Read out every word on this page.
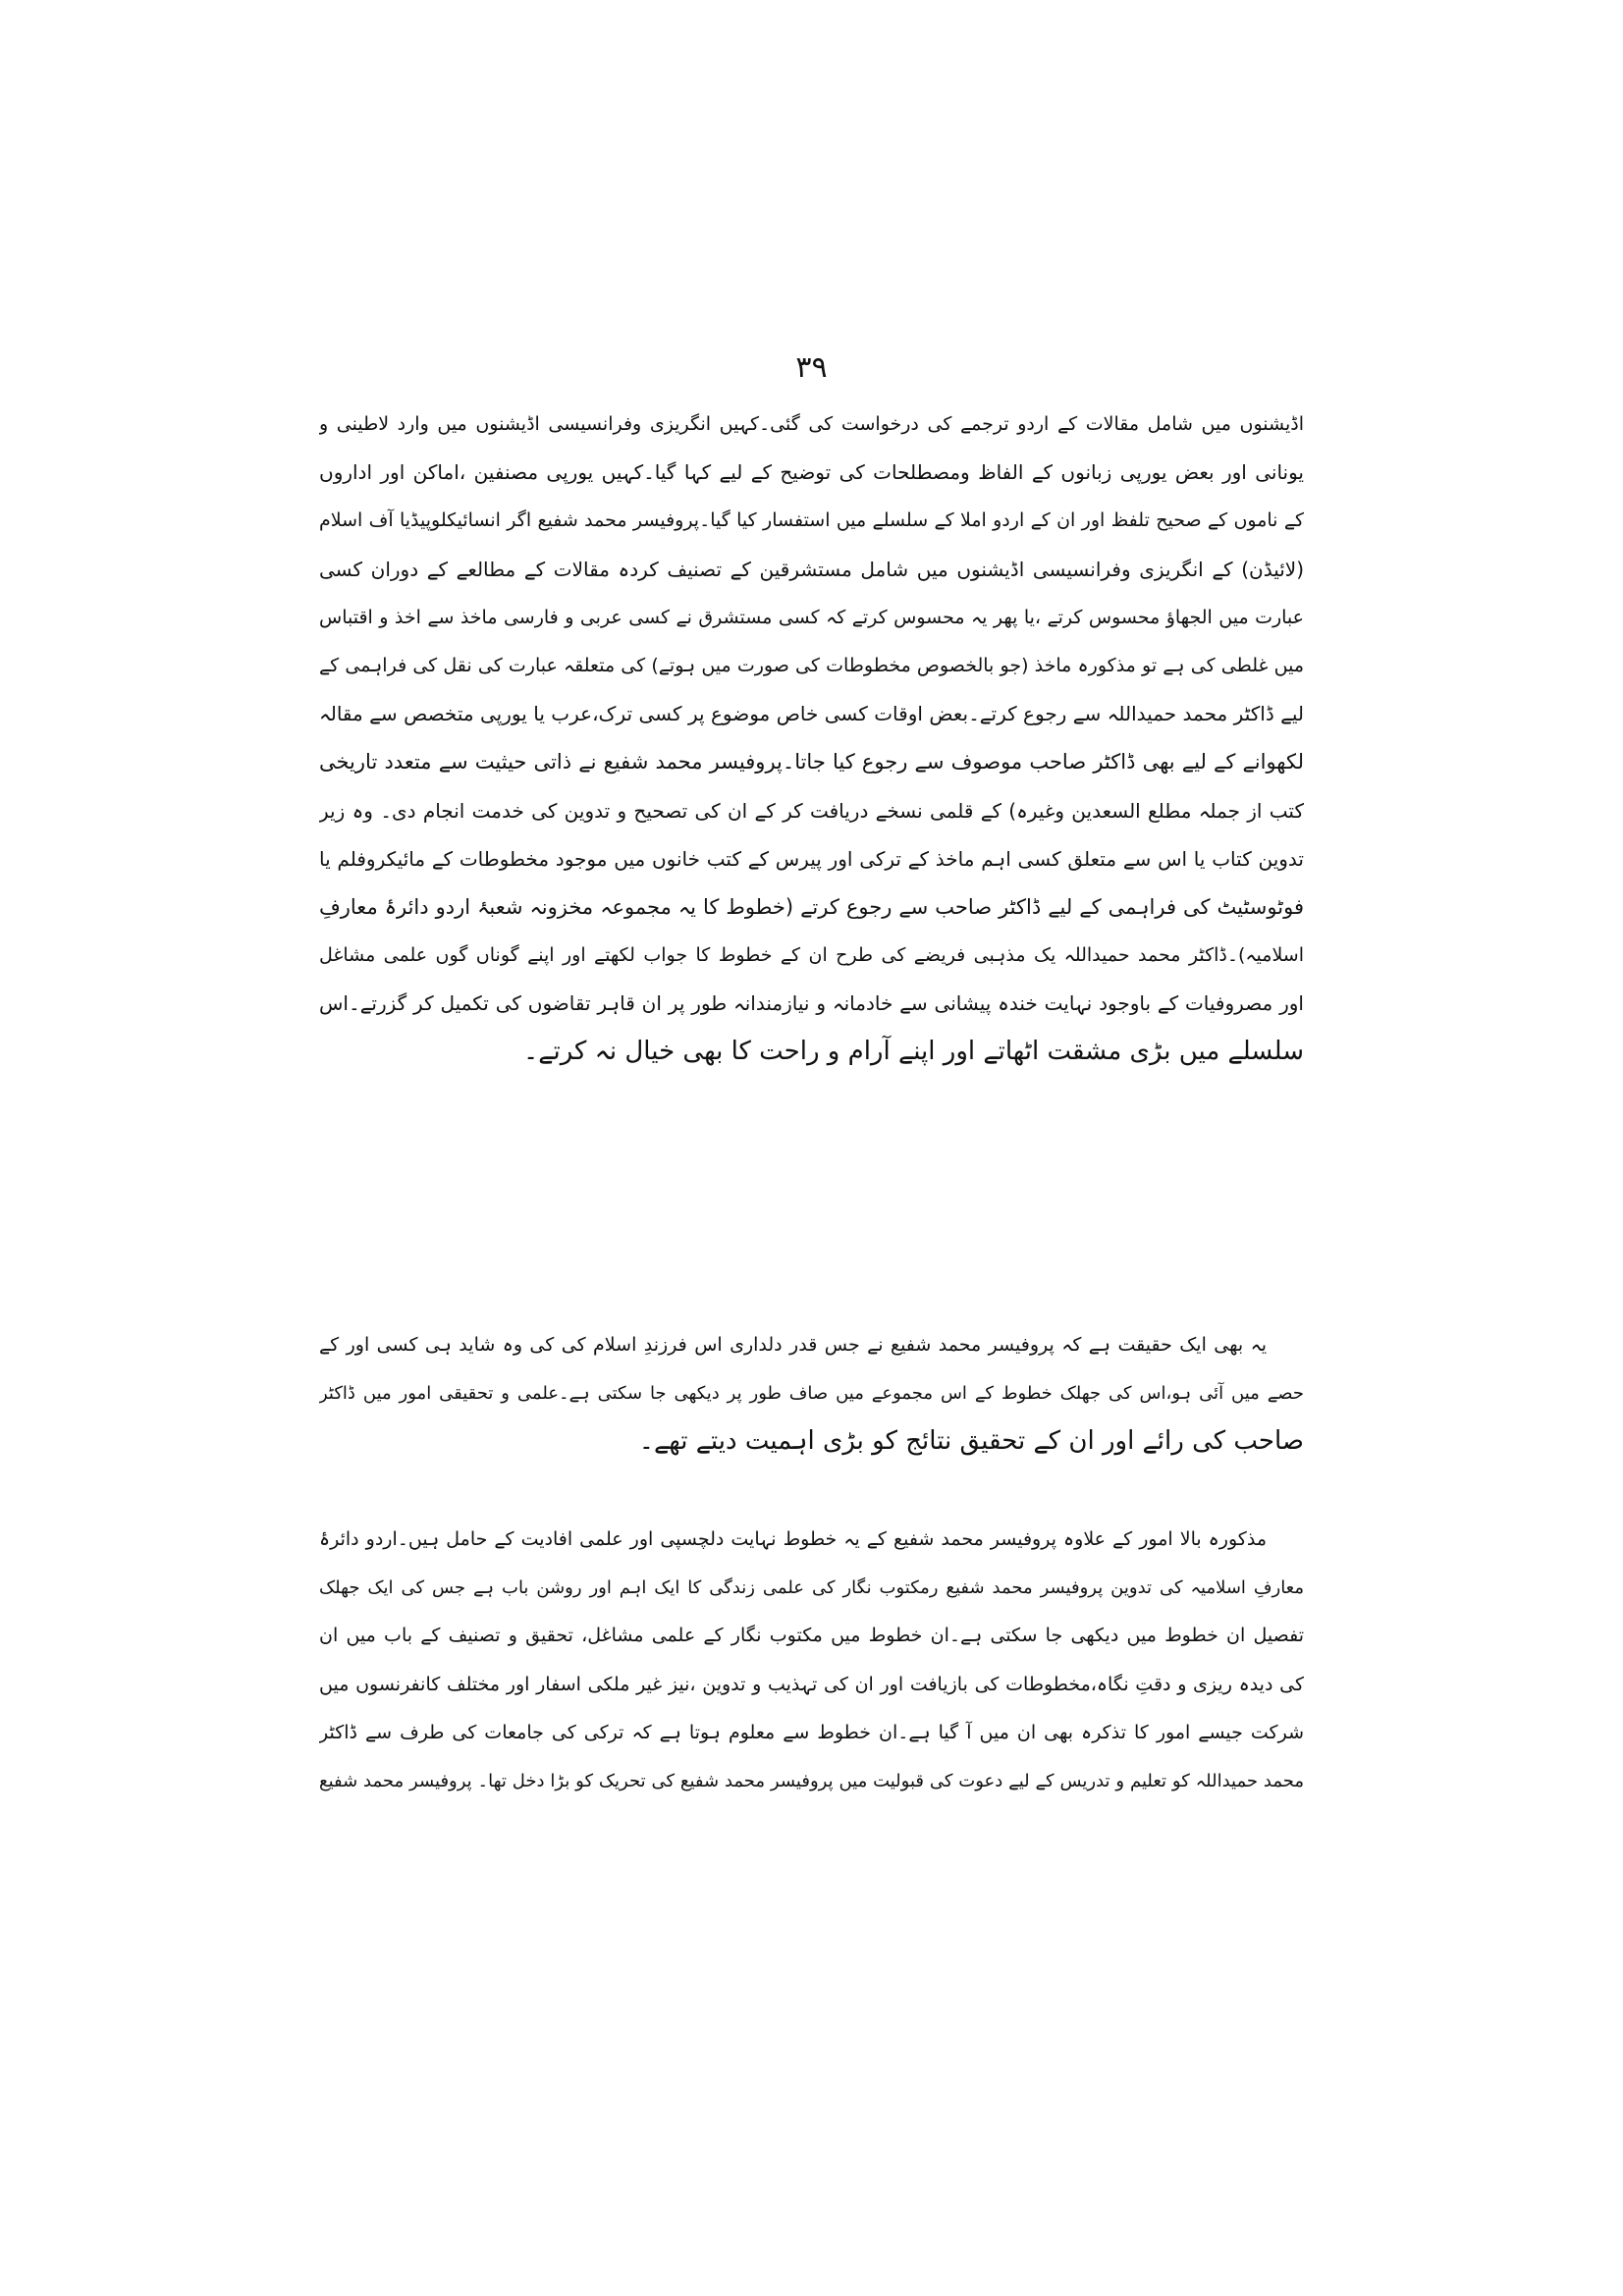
۳۹
اڈیشنوں میں شامل مقالات کے اردو ترجمے کی درخواست کی گئی۔کہیں انگریزی وفرانسیسی اڈیشنوں میں وارد لاطینی و
یونانی اور بعض یورپی زبانوں کے الفاظ ومصطلحات کی توضیح کے لیے کہا گیا۔کہیں یورپی مصنفین ،اماکن اور اداروں
کے ناموں کے صحیح تلفظ اور ان کے اردو املا کے سلسلے میں استفسار کیا گیا۔پروفیسر محمد شفیع اگر انسائیکلوپیڈیا آف اسلام
(لائیڈن) کے انگریزی وفرانسیسی اڈیشنوں میں شامل مستشرقین کے تصنیف کردہ مقالات کے مطالعے کے دوران کسی
عبارت میں الجھاؤ محسوس کرتے ،یا پھر یہ محسوس کرتے کہ کسی مستشرق نے کسی عربی و فارسی ماخذ سے اخذ و اقتباس
میں غلطی کی ہے تو مذکورہ ماخذ (جو بالخصوص مخطوطات کی صورت میں ہوتے) کی متعلقہ عبارت کی نقل کی فراہمی کے
لیے ڈاکٹر محمد حمیداللہ سے رجوع کرتے۔بعض اوقات کسی خاص موضوع پر کسی ترک،عرب یا یورپی متخصص سے مقالہ
لکھوانے کے لیے بھی ڈاکٹر صاحب موصوف سے رجوع کیا جاتا۔پروفیسر محمد شفیع نے ذاتی حیثیت سے متعدد تاریخی
کتب از جملہ مطلع السعدین وغیرہ) کے قلمی نسخے دریافت کر کے ان کی تصحیح و تدوین کی خدمت انجام دی۔ وہ زیر
تدوین کتاب یا اس سے متعلق کسی اہم ماخذ کے ترکی اور پیرس کے کتب خانوں میں موجود مخطوطات کے مائیکروفلم یا
فوٹوسٹیٹ کی فراہمی کے لیے ڈاکٹر صاحب سے رجوع کرتے (خطوط کا یہ مجموعہ مخزونہ شعبۂ اردو دائرۂ معارفِ
اسلامیہ)۔ڈاکٹر محمد حمیداللہ یک مذہبی فریضے کی طرح ان کے خطوط کا جواب لکھتے اور اپنے گوناں گوں علمی مشاغل
اور مصروفیات کے باوجود نہایت خندہ پیشانی سے خادمانہ و نیازمندانہ طور پر ان قاہر تقاضوں کی تکمیل کر گزرتے۔اس
سلسلے میں بڑی مشقت اٹھاتے اور اپنے آرام و راحت کا بھی خیال نہ کرتے۔
یہ بھی ایک حقیقت ہے کہ پروفیسر محمد شفیع نے جس قدر دلداری اس فرزندِ اسلام کی کی وہ شاید ہی کسی اور کے
حصے میں آئی ہو،اس کی جھلک خطوط کے اس مجموعے میں صاف طور پر دیکھی جا سکتی ہے۔علمی و تحقیقی امور میں ڈاکٹر
صاحب کی رائے اور ان کے تحقیق نتائج کو بڑی اہمیت دیتے تھے۔
مذکورہ بالا امور کے علاوہ پروفیسر محمد شفیع کے یہ خطوط نہایت دلچسپی اور علمی افادیت کے حامل ہیں۔اردو دائرۂ
معارفِ اسلامیہ کی تدوین پروفیسر محمد شفیع رمکتوب نگار کی علمی زندگی کا ایک اہم اور روشن باب ہے جس کی ایک جھلک
تفصیل ان خطوط میں دیکھی جا سکتی ہے۔ان خطوط میں مکتوب نگار کے علمی مشاغل، تحقیق و تصنیف کے باب میں ان
کی دیدہ ریزی و دقتِ نگاہ،مخطوطات کی بازیافت اور ان کی تہذیب و تدوین ،نیز غیر ملکی اسفار اور مختلف کانفرنسوں میں
شرکت جیسے امور کا تذکرہ بھی ان میں آ گیا ہے۔ان خطوط سے معلوم ہوتا ہے کہ ترکی کی جامعات کی طرف سے ڈاکٹر
محمد حمیداللہ کو تعلیم و تدریس کے لیے دعوت کی قبولیت میں پروفیسر محمد شفیع کی تحریک کو بڑا دخل تھا۔ پروفیسر محمد شفیع
